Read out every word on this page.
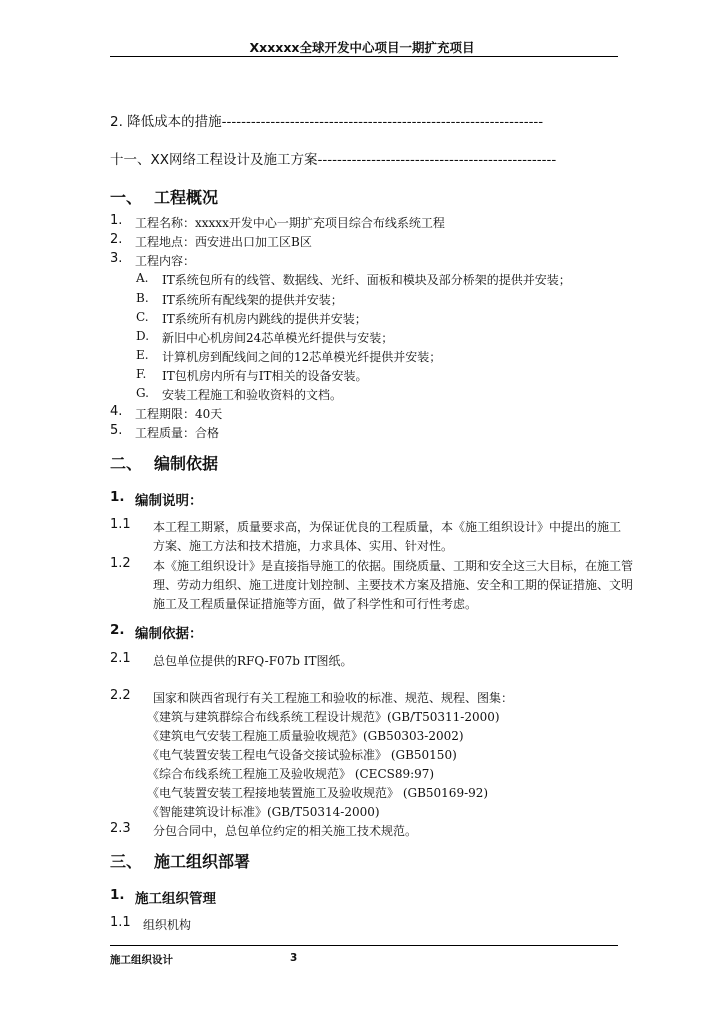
Xxxxxx全球开发中心项目一期扩充项目
2. 降低成本的措施------------------------------------------------------------------
十一、XX网络工程设计及施工方案-------------------------------------------------
一、 工程概况
1. 工程名称：xxxxx开发中心一期扩充项目综合布线系统工程
2. 工程地点：西安进出口加工区B区
3. 工程内容：
A. IT系统包所有的线管、数据线、光纤、面板和模块及部分桥架的提供并安装；
B. IT系统所有配线架的提供并安装；
C. IT系统所有机房内跳线的提供并安装；
D. 新旧中心机房间24芯单模光纤提供与安装；
E. 计算机房到配线间之间的12芯单模光纤提供并安装；
F. IT包机房内所有与IT相关的设备安装。
G. 安装工程施工和验收资料的文档。
4. 工程期限：40天
5. 工程质量：合格
二、 编制依据
1. 编制说明：
1.1 本工程工期紧，质量要求高，为保证优良的工程质量，本《施工组织设计》中提出的施工
方案、施工方法和技术措施，力求具体、实用、针对性。
1.2 本《施工组织设计》是直接指导施工的依据。围绕质量、工期和安全这三大目标，在施工管
理、劳动力组织、施工进度计划控制、主要技术方案及措施、安全和工期的保证措施、文明
施工及工程质量保证措施等方面，做了科学性和可行性考虑。
2. 编制依据：
2.1 总包单位提供的RFQ-F07b IT图纸。
2.2 国家和陕西省现行有关工程施工和验收的标准、规范、规程、图集：
《建筑与建筑群综合布线系统工程设计规范》(GB/T50311-2000)
《建筑电气安装工程施工质量验收规范》(GB50303-2002)
《电气装置安装工程电气设备交接试验标准》 (GB50150)
《综合布线系统工程施工及验收规范》 (CECS89:97)
《电气装置安装工程接地装置施工及验收规范》 (GB50169-92)
《智能建筑设计标准》(GB/T50314-2000)
2.3 分包合同中，总包单位约定的相关施工技术规范。
三、 施工组织部署
1. 施工组织管理
1.1 组织机构
施工组织设计	3
